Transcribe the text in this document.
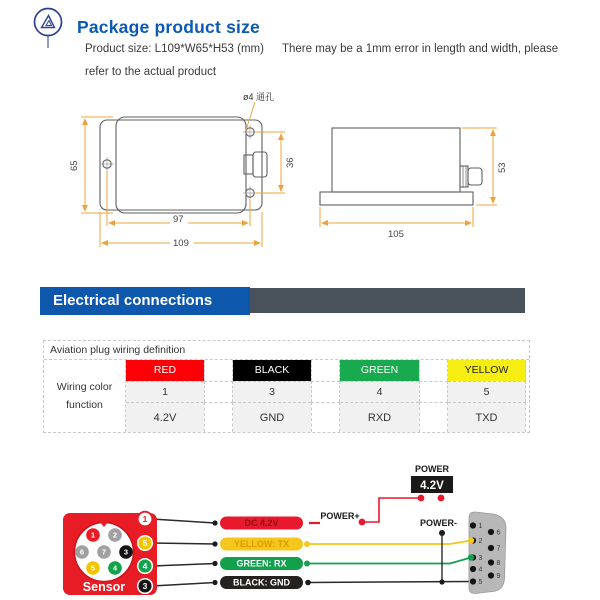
Package product size
Product size: L109*W65*H53 (mm) There may be a 1mm error in length and width, please
refer to the actual product
ø4 通孔
65
97
109
36	53
105
Electrical connections
Aviation plug wiring definition
Wiring color
function
RED	BLACK	GREEN	YELLOW
1	3	4	5
4.2V	GND	RXD	TXD
1
2
3
4
5
6
7
8
9
1 2
6 7 3
5 4
Sensor
1
5
4
3
DC 4.2V
YELLOW: TX
GREEN: RX
BLACK: GND
POWER+
POWER
4.2V
POWER-
